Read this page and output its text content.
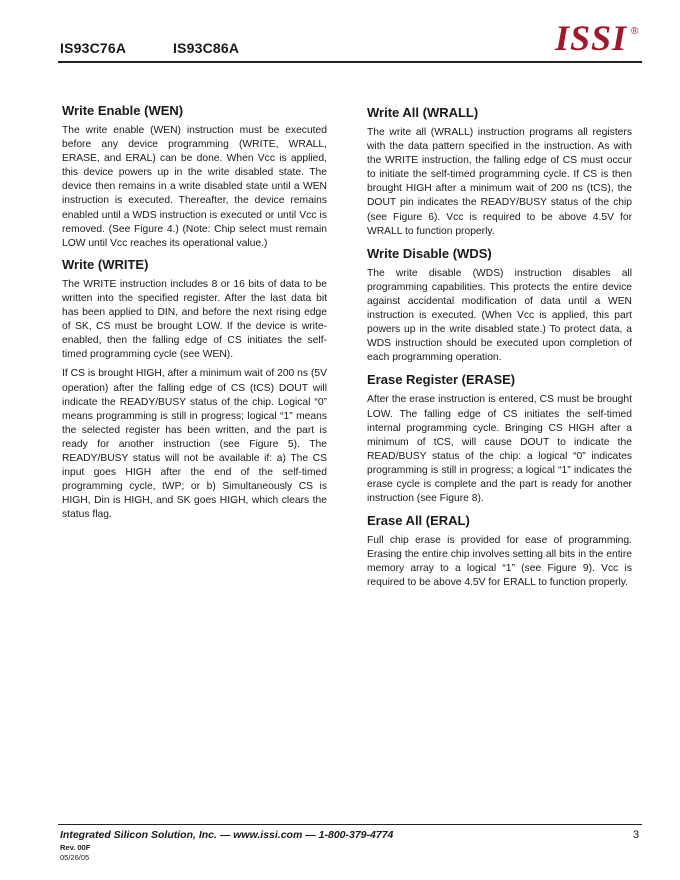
IS93C76A	IS93C86A	ISSI ®
Write Enable (WEN)

The write enable (WEN) instruction must be executed before any device programming (WRITE, WRALL, ERASE, and ERAL) can be done. When Vcc is applied, this device powers up in the write disabled state. The device then remains in a write disabled state until a WEN instruction is executed. Thereafter, the device remains enabled until a WDS instruction is executed or until Vcc is removed. (See Figure 4.) (Note: Chip select must remain LOW until Vcc reaches its operational value.)

Write (WRITE)

The WRITE instruction includes 8 or 16 bits of data to be written into the specified register. After the last data bit has been applied to DIN, and before the next rising edge of SK, CS must be brought LOW. If the device is write-enabled, then the falling edge of CS initiates the self-timed programming cycle (see WEN).

If CS is brought HIGH, after a minimum wait of 200 ns (5V operation) after the falling edge of CS (tCS) DOUT will indicate the READY/BUSY status of the chip. Logical “0” means programming is still in progress; logical “1” means the selected register has been written, and the part is ready for another instruction (see Figure 5). The READY/BUSY status will not be available if: a) The CS input goes HIGH after the end of the self-timed programming cycle, tWP; or b) Simultaneously CS is HIGH, Din is HIGH, and SK goes HIGH, which clears the status flag.

Write All (WRALL)

The write all (WRALL) instruction programs all registers with the data pattern specified in the instruction. As with the WRITE instruction, the falling edge of CS must occur to initiate the self-timed programming cycle. If CS is then brought HIGH after a minimum wait of 200 ns (tCS), the DOUT pin indicates the READY/BUSY status of the chip (see Figure 6). Vcc is required to be above 4.5V for WRALL to function properly.

Write Disable (WDS)

The write disable (WDS) instruction disables all programming capabilities. This protects the entire device against accidental modification of data until a WEN instruction is executed. (When Vcc is applied, this part powers up in the write disabled state.) To protect data, a WDS instruction should be executed upon completion of each programming operation.

Erase Register (ERASE)

After the erase instruction is entered, CS must be brought LOW. The falling edge of CS initiates the self-timed internal programming cycle. Bringing CS HIGH after a minimum of tCS, will cause DOUT to indicate the READ/BUSY status of the chip: a logical “0” indicates programming is still in progress; a logical “1” indicates the erase cycle is complete and the part is ready for another instruction (see Figure 8).

Erase All (ERAL)

Full chip erase is provided for ease of programming. Erasing the entire chip involves setting all bits in the entire memory array to a logical “1” (see Figure 9). Vcc is required to be above 4.5V for ERALL to function properly.

Integrated Silicon Solution, Inc. — www.issi.com — 1-800-379-4774	3
Rev. 00F
05/26/05
